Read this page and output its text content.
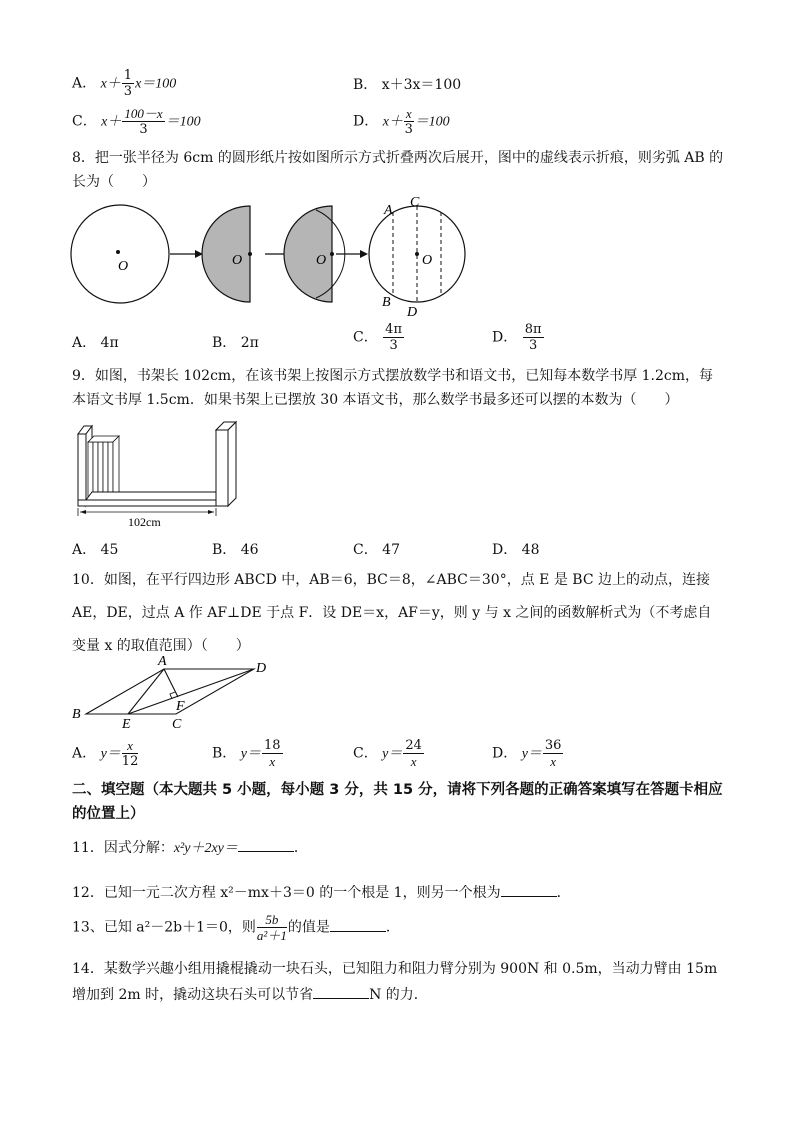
A． $x+ \frac{1}{3} x=100$	B． x＋3x＝100
C． $x+ \frac{100-x}{3} =100$	D． $x+ \frac{x}{3} =100$
8．把一张半径为 6cm 的圆形纸片按如图所示方式折叠两次后展开，图中的虚线表示折痕，则劣弧 AB 的长为（　　）
O	O	O	O
A
C
B
D
A． 4π	B． 2π	C． $\frac{4\pi}{3}$	D． $\frac{8\pi}{3}$
9．如图，书架长 102cm，在该书架上按图示方式摆放数学书和语文书，已知每本数学书厚 1.2cm，每本语文书厚 1.5cm．如果书架上已摆放 30 本语文书，那么数学书最多还可以摆的本数为（　　）
102cm
A． 45	B． 46	C． 47	D． 48
10．如图，在平行四边形 ABCD 中，AB＝6，BC＝8，∠ABC＝30°，点 E 是 BC 边上的动点，连接 AE，DE，过点 A 作 AF⊥DE 于点 F．设 DE＝x，AF＝y，则 y 与 x 之间的函数解析式为（不考虑自变量 x 的取值范围）（　　）
A	D
B
E	C
F
A． $y= \frac{x}{12}$	B． $y= \frac{18}{x}$	C． $y= \frac{24}{x}$	D． $y= \frac{36}{x}$
二、填空题（本大题共 5 小题，每小题 3 分，共 15 分，请将下列各题的正确答案填写在答题卡相应的位置上）
11．因式分解：x²y＋2xy＝	．
12．已知一元二次方程 x²－mx＋3＝0 的一个根是 1，则另一个根为	．
13、已知 a²－2b＋1＝0，则 $\frac{5b}{\text{a²＋1}}$ 的值是	．
14．某数学兴趣小组用撬棍撬动一块石头，已知阻力和阻力臂分别为 900N 和 0.5m，当动力臂由 15m 增加到 2m 时，撬动这块石头可以节省	N 的力．
